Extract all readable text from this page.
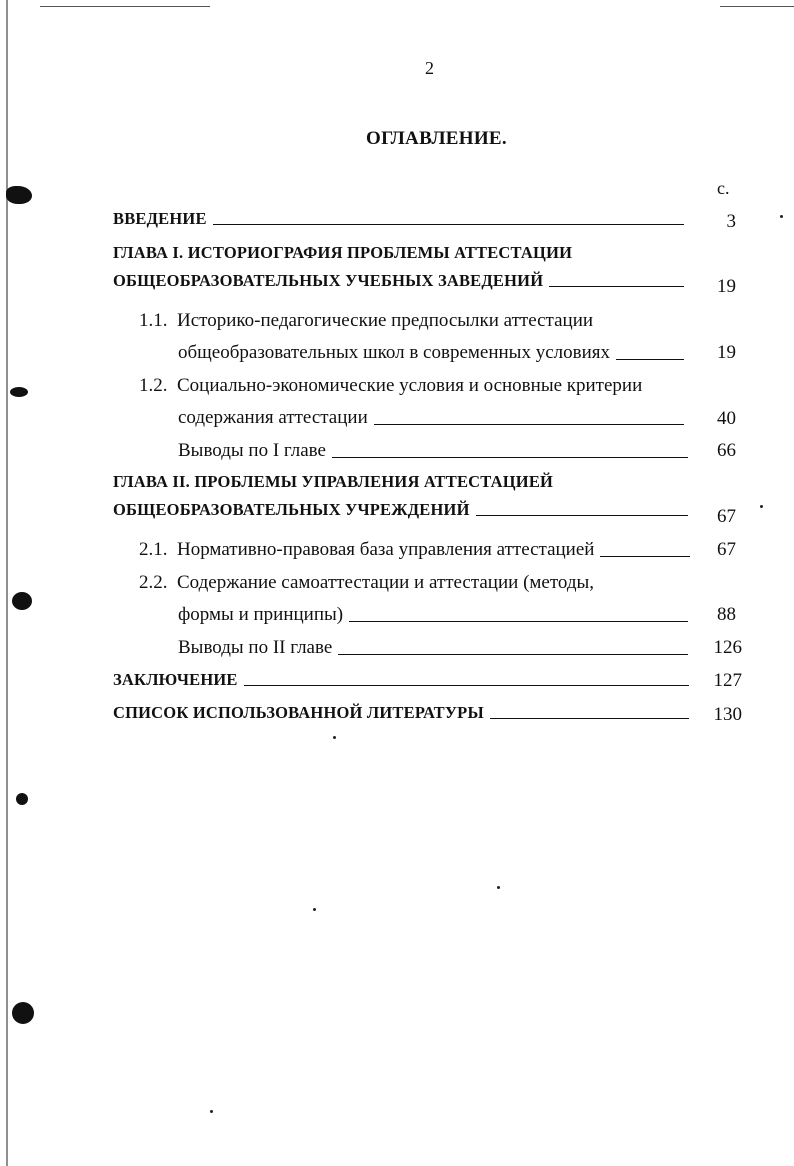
2
ОГЛАВЛЕНИЕ.
с.
ВВЕДЕНИЕ	3
ГЛАВА I. ИСТОРИОГРАФИЯ ПРОБЛЕМЫ АТТЕСТАЦИИ
ОБЩЕОБРАЗОВАТЕЛЬНЫХ УЧЕБНЫХ ЗАВЕДЕНИЙ	19
1.1. Историко-педагогические предпосылки аттестации
общеобразовательных школ в современных условиях	19
1.2. Социально-экономические условия и основные критерии
содержания аттестации	40
Выводы по I главе	66
ГЛАВА II. ПРОБЛЕМЫ УПРАВЛЕНИЯ АТТЕСТАЦИЕЙ
ОБЩЕОБРАЗОВАТЕЛЬНЫХ УЧРЕЖДЕНИЙ	67
2.1. Нормативно-правовая база управления аттестацией	67
2.2. Содержание самоаттестации и аттестации (методы,
формы и принципы)	88
Выводы по II главе	126
ЗАКЛЮЧЕНИЕ	127
СПИСОК ИСПОЛЬЗОВАННОЙ ЛИТЕРАТУРЫ	130
